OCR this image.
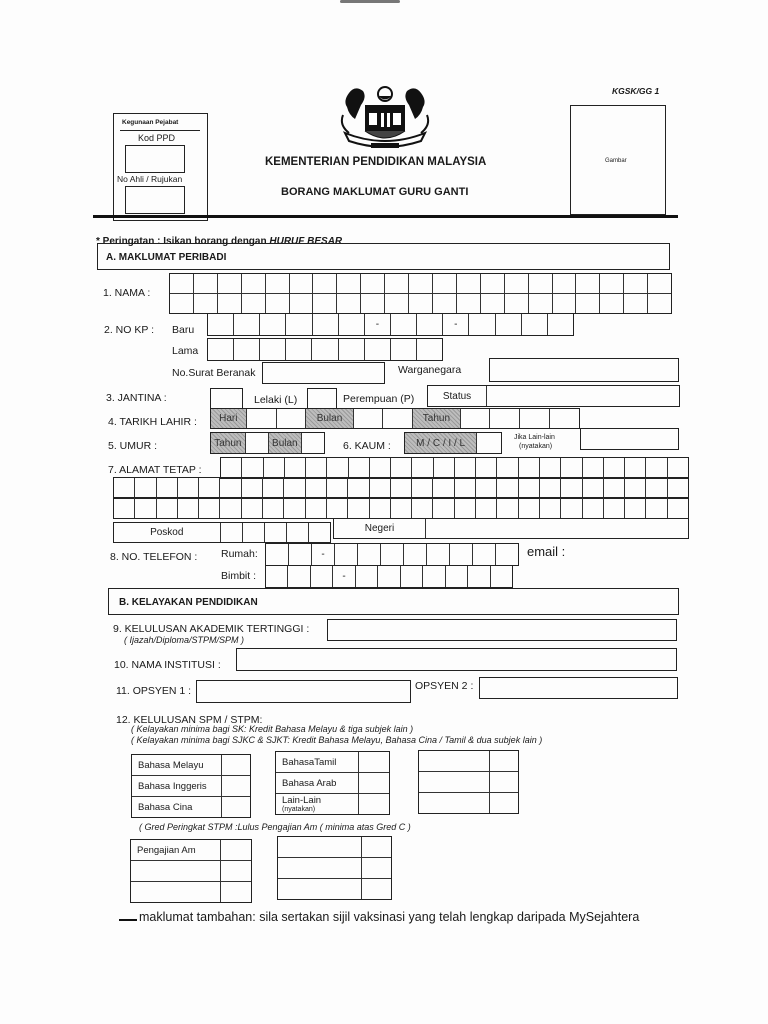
KGSK/GG 1
Kegunaan Pejabat
Kod PPD
No Ahli / Rujukan
KEMENTERIAN PENDIDIKAN MALAYSIA
BORANG MAKLUMAT GURU GANTI
Gambar
* Peringatan : Isikan borang dengan HURUF BESAR
A. MAKLUMAT PERIBADI
1. NAMA :
2. NO KP : Baru	-	-
Lama
No.Surat Beranak	Warganegara
3. JANTINA :	Lelaki (L)	Perempuan (P)	Status
4. TARIKH LAHIR :	Hari	Bulan	Tahun
5. UMUR :	Tahun	Bulan	6. KAUM :	M / C / I / L	Jika Lain-lain
(nyatakan)
7. ALAMAT TETAP :
Poskod	Negeri
8. NO. TELEFON : Rumah:	-	email :
Bimbit :	-
B. KELAYAKAN PENDIDIKAN
9. KELULUSAN AKADEMIK TERTINGGI :
( Ijazah/Diploma/STPM/SPM )
10. NAMA INSTITUSI :
11. OPSYEN 1 :	OPSYEN 2 :
12. KELULUSAN SPM / STPM:
( Kelayakan minima bagi SK: Kredit Bahasa Melayu & tiga subjek lain )
( Kelayakan minima bagi SJKC & SJKT: Kredit Bahasa Melayu, Bahasa Cina / Tamil & dua subjek lain )
Bahasa Melayu
Bahasa Inggeris
Bahasa Cina
BahasaTamil
Bahasa Arab
Lain-Lain
(nyatakan)
( Gred Peringkat STPM :Lulus Pengajian Am ( minima atas Gred C )
Pengajian Am
maklumat tambahan: sila sertakan sijil vaksinasi yang telah lengkap daripada MySejahtera
